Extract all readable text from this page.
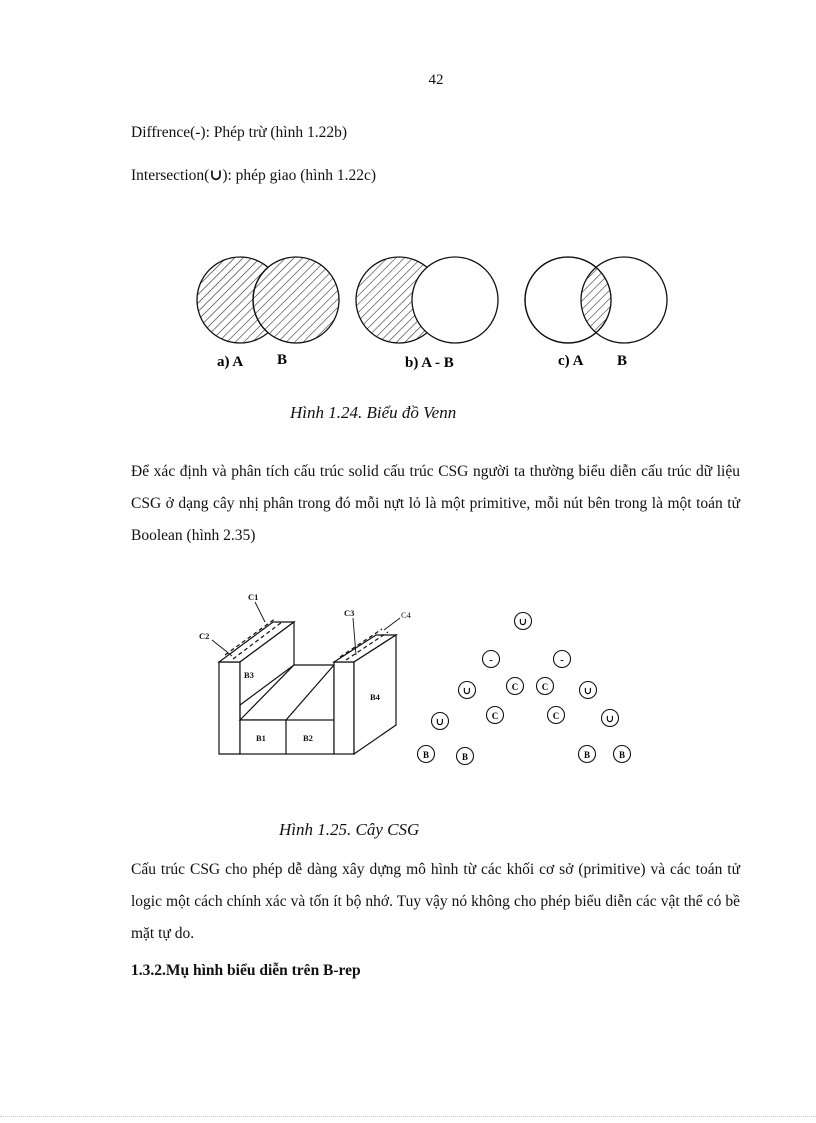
42
Diffrence(-): Phép trừ (hình 1.22b)
Intersection(∪): phép giao (hình 1.22c)
a) A B	b) A - B	c) A B
Hình 1.24. Biểu đồ Venn
Để xác định và phân tích cấu trúc solid cấu trúc CSG người ta thường biểu diễn cấu trúc dữ liệu CSG ở dạng cây nhị phân trong đó mỗi nựt lỏ là một primitive, mỗi nút bên trong là một toán tử Boolean (hình 2.35)
C1
C2
C3	C4
B3
B1	B2
B4
∪
-	-
∪	C	C	∪
∪
C	C	∪
B	B	B	B
Hình 1.25. Cây CSG
Cấu trúc CSG cho phép dễ dàng xây dựng mô hình từ các khối cơ sở (primitive) và các toán tử logic một cách chính xác và tốn ít bộ nhớ. Tuy vậy nó không cho phép biểu diễn các vật thể có bề mặt tự do.
1.3.2.Mụ hình biểu diễn trên B-rep
